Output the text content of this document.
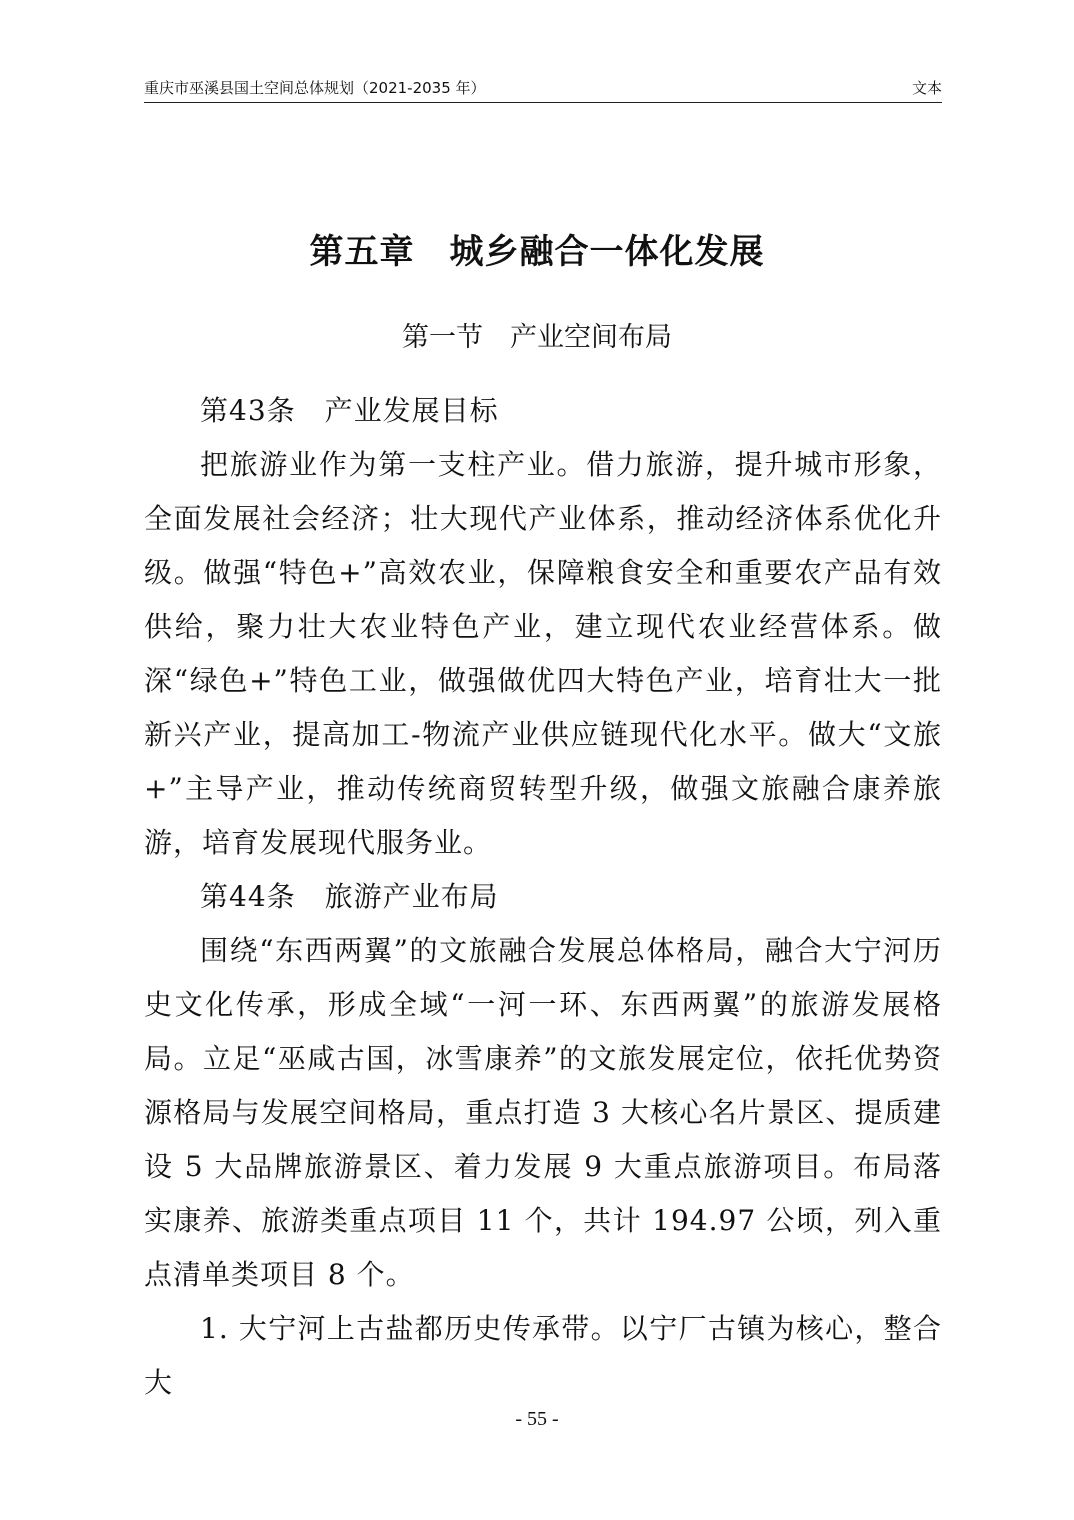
重庆市巫溪县国土空间总体规划（2021-2035 年）	文本
第五章　城乡融合一体化发展
第一节　产业空间布局

第43条　产业发展目标

把旅游业作为第一支柱产业。借力旅游，提升城市形象，全面发展社会经济；壮大现代产业体系，推动经济体系优化升级。做强“特色+”高效农业，保障粮食安全和重要农产品有效供给，聚力壮大农业特色产业，建立现代农业经营体系。做深“绿色+”特色工业，做强做优四大特色产业，培育壮大一批新兴产业，提高加工-物流产业供应链现代化水平。做大“文旅+”主导产业，推动传统商贸转型升级，做强文旅融合康养旅游，培育发展现代服务业。

第44条　旅游产业布局

围绕“东西两翼”的文旅融合发展总体格局，融合大宁河历史文化传承，形成全域“一河一环、东西两翼”的旅游发展格局。立足“巫咸古国，冰雪康养”的文旅发展定位，依托优势资源格局与发展空间格局，重点打造 3 大核心名片景区、提质建设 5 大品牌旅游景区、着力发展 9 大重点旅游项目。布局落实康养、旅游类重点项目 11 个，共计 194.97 公顷，列入重点清单类项目 8 个。

1. 大宁河上古盐都历史传承带。以宁厂古镇为核心，整合大

- 55 -
